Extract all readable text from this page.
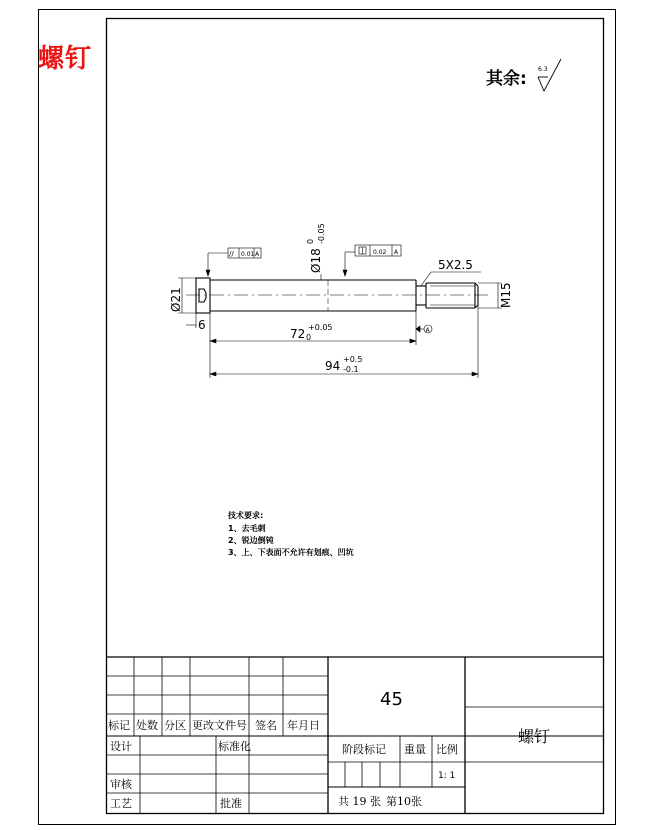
螺钉
其余: 6.3
Ø21
6
Ø18
0 -0.05
72 +0.05
0
94 +0.5
-0.1
5X2.5
M15
// 0.01 A	0.02 A
A
技术要求:
1、去毛刺
2、锐边倒钝
3、上、下表面不允许有划痕、凹坑
45
螺钉
标记 处数 分区 更改文件号 签名 年月日
设计	标准化
审核
工艺	批准
阶段标记 重量 比例
1: 1
共 19 张 第10张
